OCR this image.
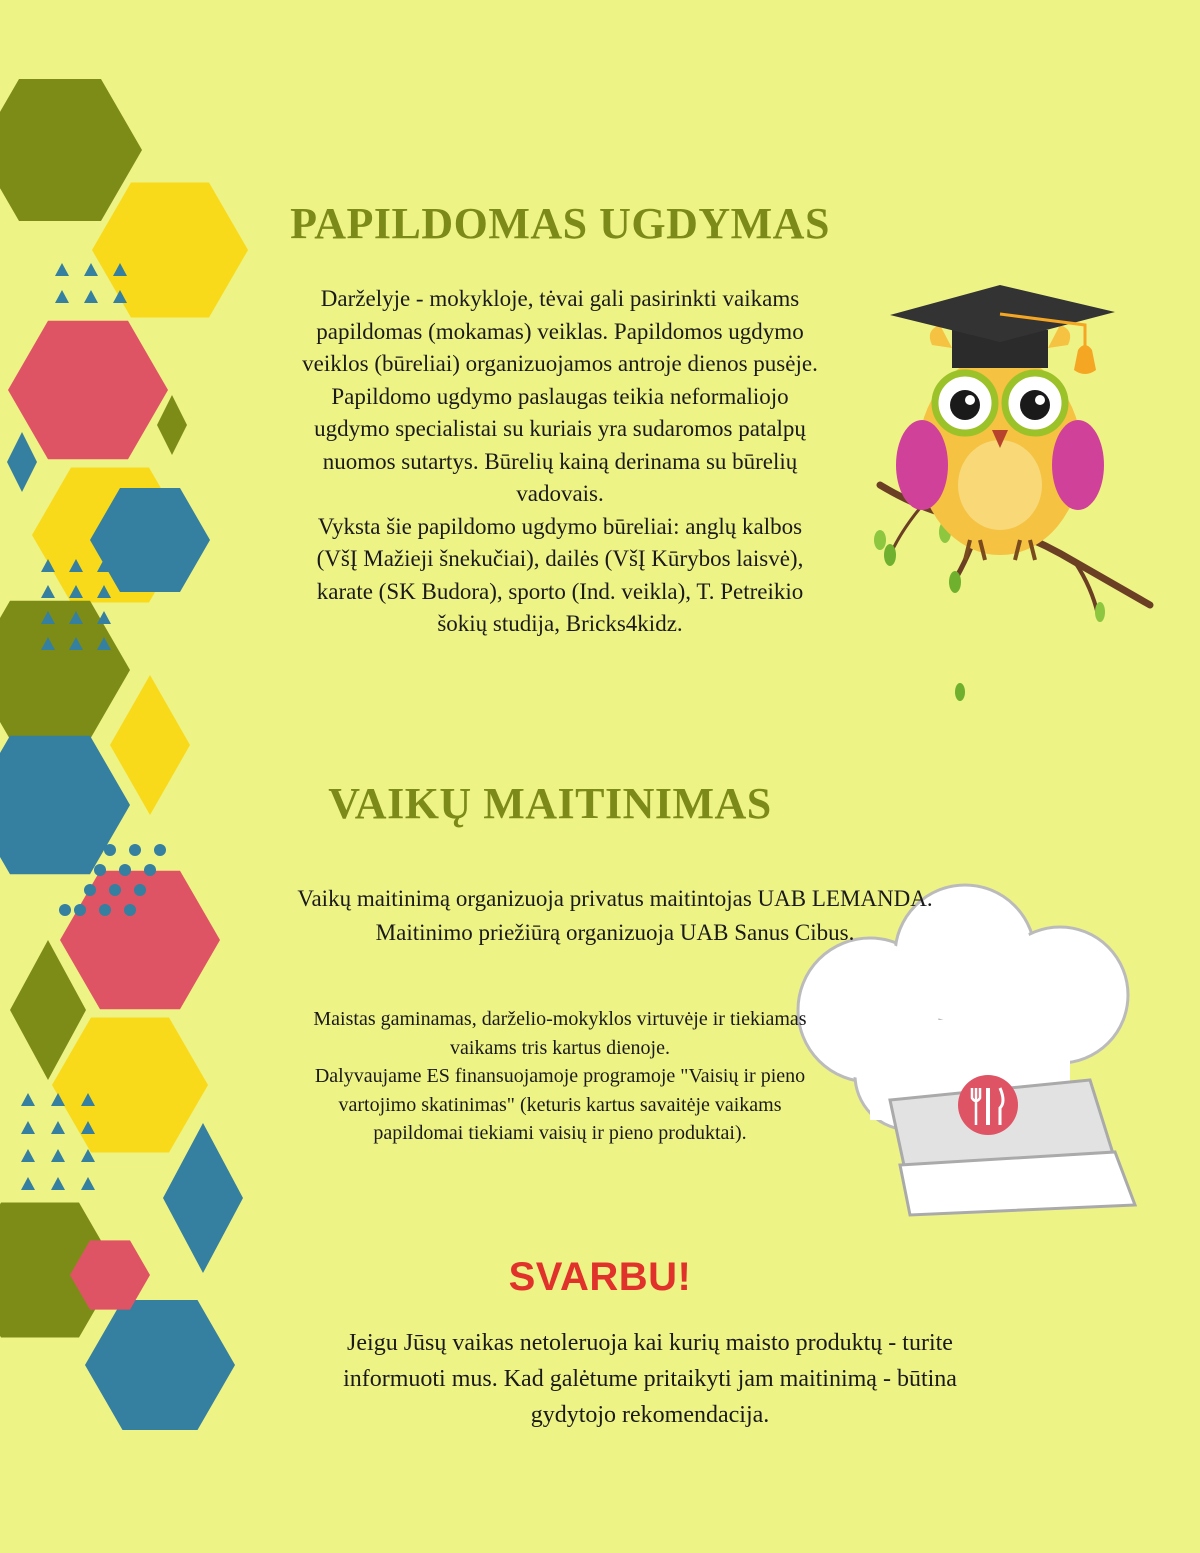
PAPILDOMAS UGDYMAS
Darželyje - mokykloje, tėvai gali pasirinkti vaikams
papildomas (mokamas) veiklas. Papildomos ugdymo
veiklos (būreliai) organizuojamos antroje dienos pusėje.
Papildomo ugdymo paslaugas teikia neformaliojo
ugdymo specialistai su kuriais yra sudaromos patalpų
nuomos sutartys. Būrelių kainą derinama su būrelių
vadovais.
Vyksta šie papildomo ugdymo būreliai: anglų kalbos
(VšĮ Mažieji šnekučiai), dailės (VšĮ Kūrybos laisvė),
karate (SK Budora), sporto (Ind. veikla), T. Petreikio
šokių studija, Bricks4kidz.
VAIKŲ MAITINIMAS
Vaikų maitinimą organizuoja privatus maitintojas UAB LEMANDA.
Maitinimo priežiūrą organizuoja UAB Sanus Cibus.
Maistas gaminamas, darželio-mokyklos virtuvėje ir tiekiamas
vaikams tris kartus dienoje.
Dalyvaujame ES finansuojamoje programoje "Vaisių ir pieno
vartojimo skatinimas" (keturis kartus savaitėje vaikams
papildomai tiekiami vaisių ir pieno produktai).
SVARBU!
Jeigu Jūsų vaikas netoleruoja kai kurių maisto produktų - turite
informuoti mus. Kad galėtume pritaikyti jam maitinimą - būtina
gydytojo rekomendacija.
